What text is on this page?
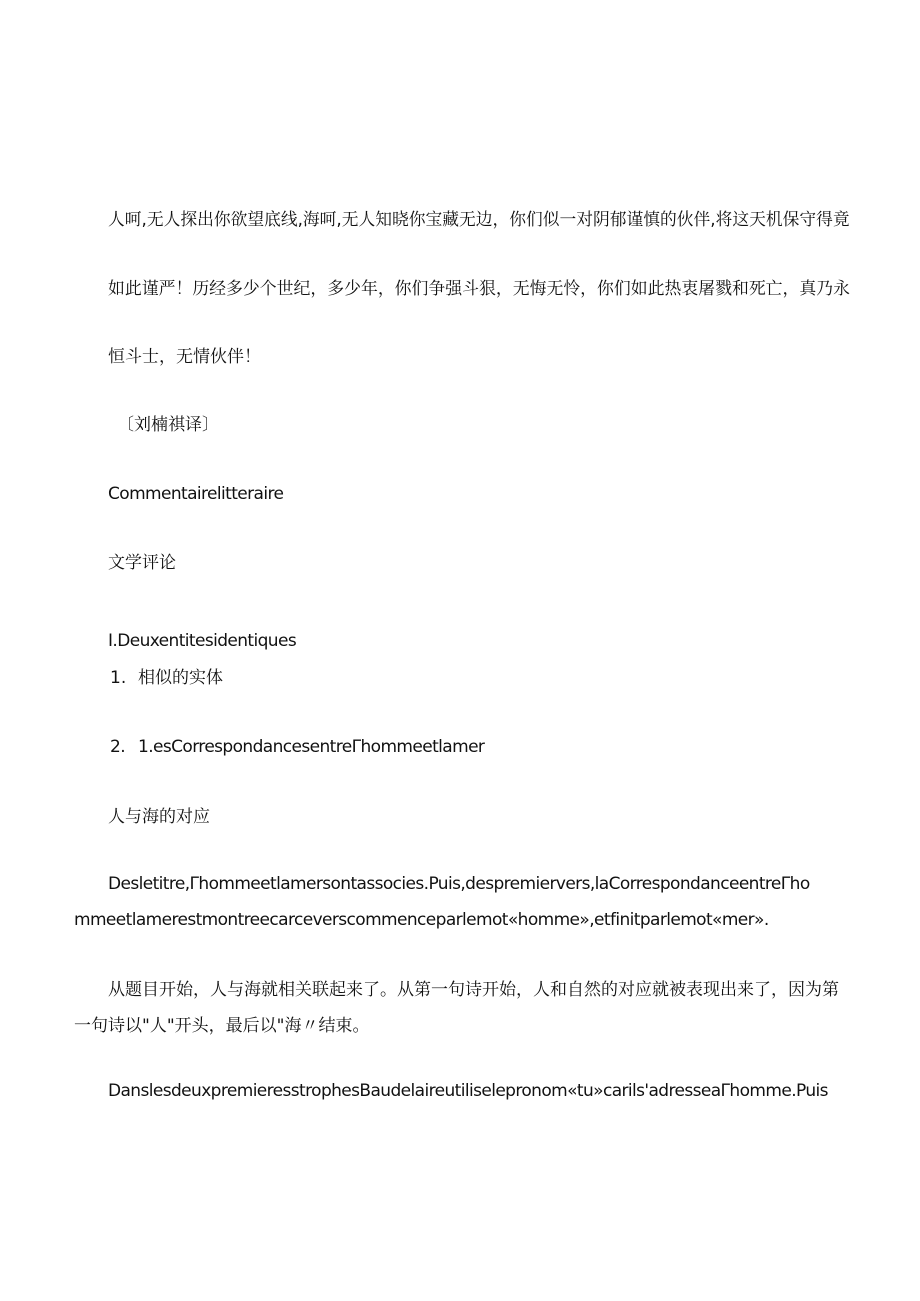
人呵,无人探出你欲望底线,海呵,无人知晓你宝藏无边，你们似一对阴郁谨慎的伙伴,将这天机保守得竟
如此谨严！历经多少个世纪，多少年，你们争强斗狠，无悔无怜，你们如此热衷屠戮和死亡，真乃永
恒斗士，无情伙伴！
〔刘楠祺译〕
Commentairelitteraire
文学评论
I.Deuxentitesidentiques
1. 相似的实体
2. 1.esCorrespondancesentreΓhommeetlamer
人与海的对应
Desletitre,Γhommeetlamersontassocies.Puis,despremiervers,laCorrespondanceentreΓho
mmeetlamerestmontreecarceverscommenceparlemot«homme»,etfinitparlemot«mer».
从题目开始，人与海就相关联起来了。从第一句诗开始，人和自然的对应就被表现出来了，因为第
一句诗以"人"开头，最后以"海〃结束。
DanslesdeuxpremieresstrophesBaudelaireutiliselepronom«tu»carils'adresseaΓhomme.Puis
